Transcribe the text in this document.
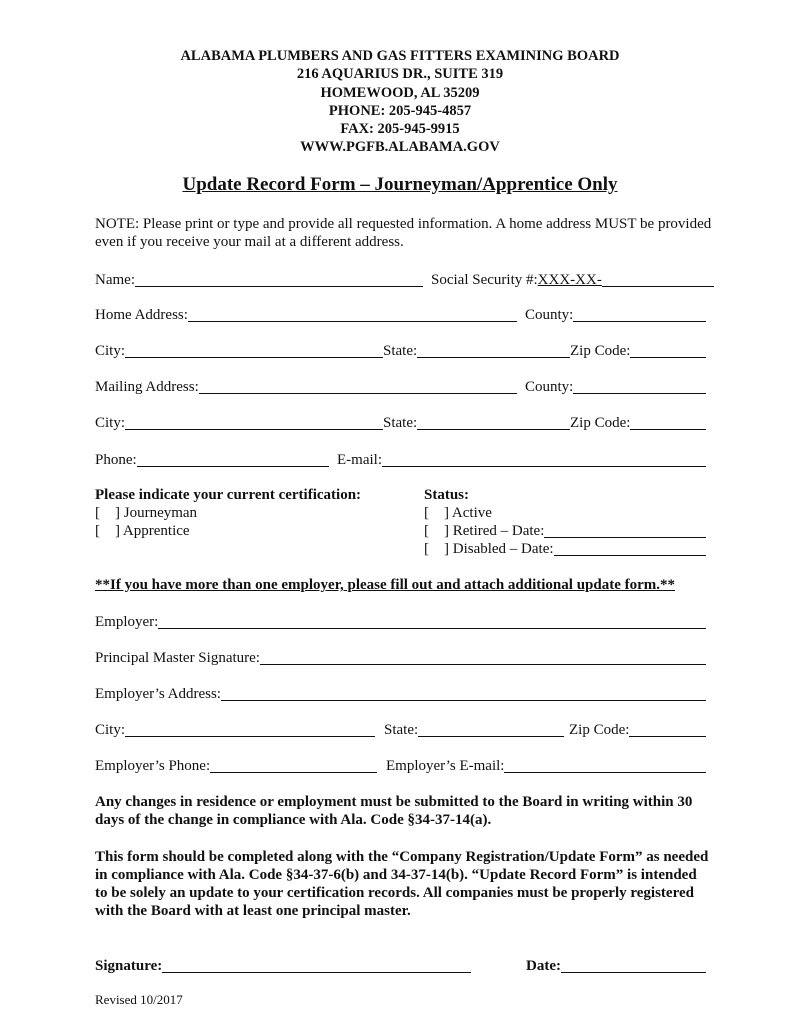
ALABAMA PLUMBERS AND GAS FITTERS EXAMINING BOARD
216 AQUARIUS DR., SUITE 319
HOMEWOOD, AL 35209
PHONE: 205-945-4857
FAX: 205-945-9915
WWW.PGFB.ALABAMA.GOV
Update Record Form – Journeyman/Apprentice Only
NOTE: Please print or type and provide all requested information. A home address MUST be provided even if you receive your mail at a different address.
Name:	Social Security #: XXX-XX-
Home Address:	County:
City:	State:	Zip Code:
Mailing Address:	County:
City:	State:	Zip Code:
Phone:	E-mail:
Please indicate your current certification:
[    ] Journeyman
[    ] Apprentice
Status:
[    ] Active
[    ] Retired – Date:
[    ] Disabled – Date:
**If you have more than one employer, please fill out and attach additional update form.**
Employer:
Principal Master Signature:
Employer’s Address:
City:	State:	Zip Code:
Employer’s Phone:	Employer’s E-mail:
Any changes in residence or employment must be submitted to the Board in writing within 30 days of the change in compliance with Ala. Code §34-37-14(a).
This form should be completed along with the “Company Registration/Update Form” as needed in compliance with Ala. Code §34-37-6(b) and 34-37-14(b). “Update Record Form” is intended to be solely an update to your certification records. All companies must be properly registered with the Board with at least one principal master.
Signature:	Date:
Revised 10/2017
